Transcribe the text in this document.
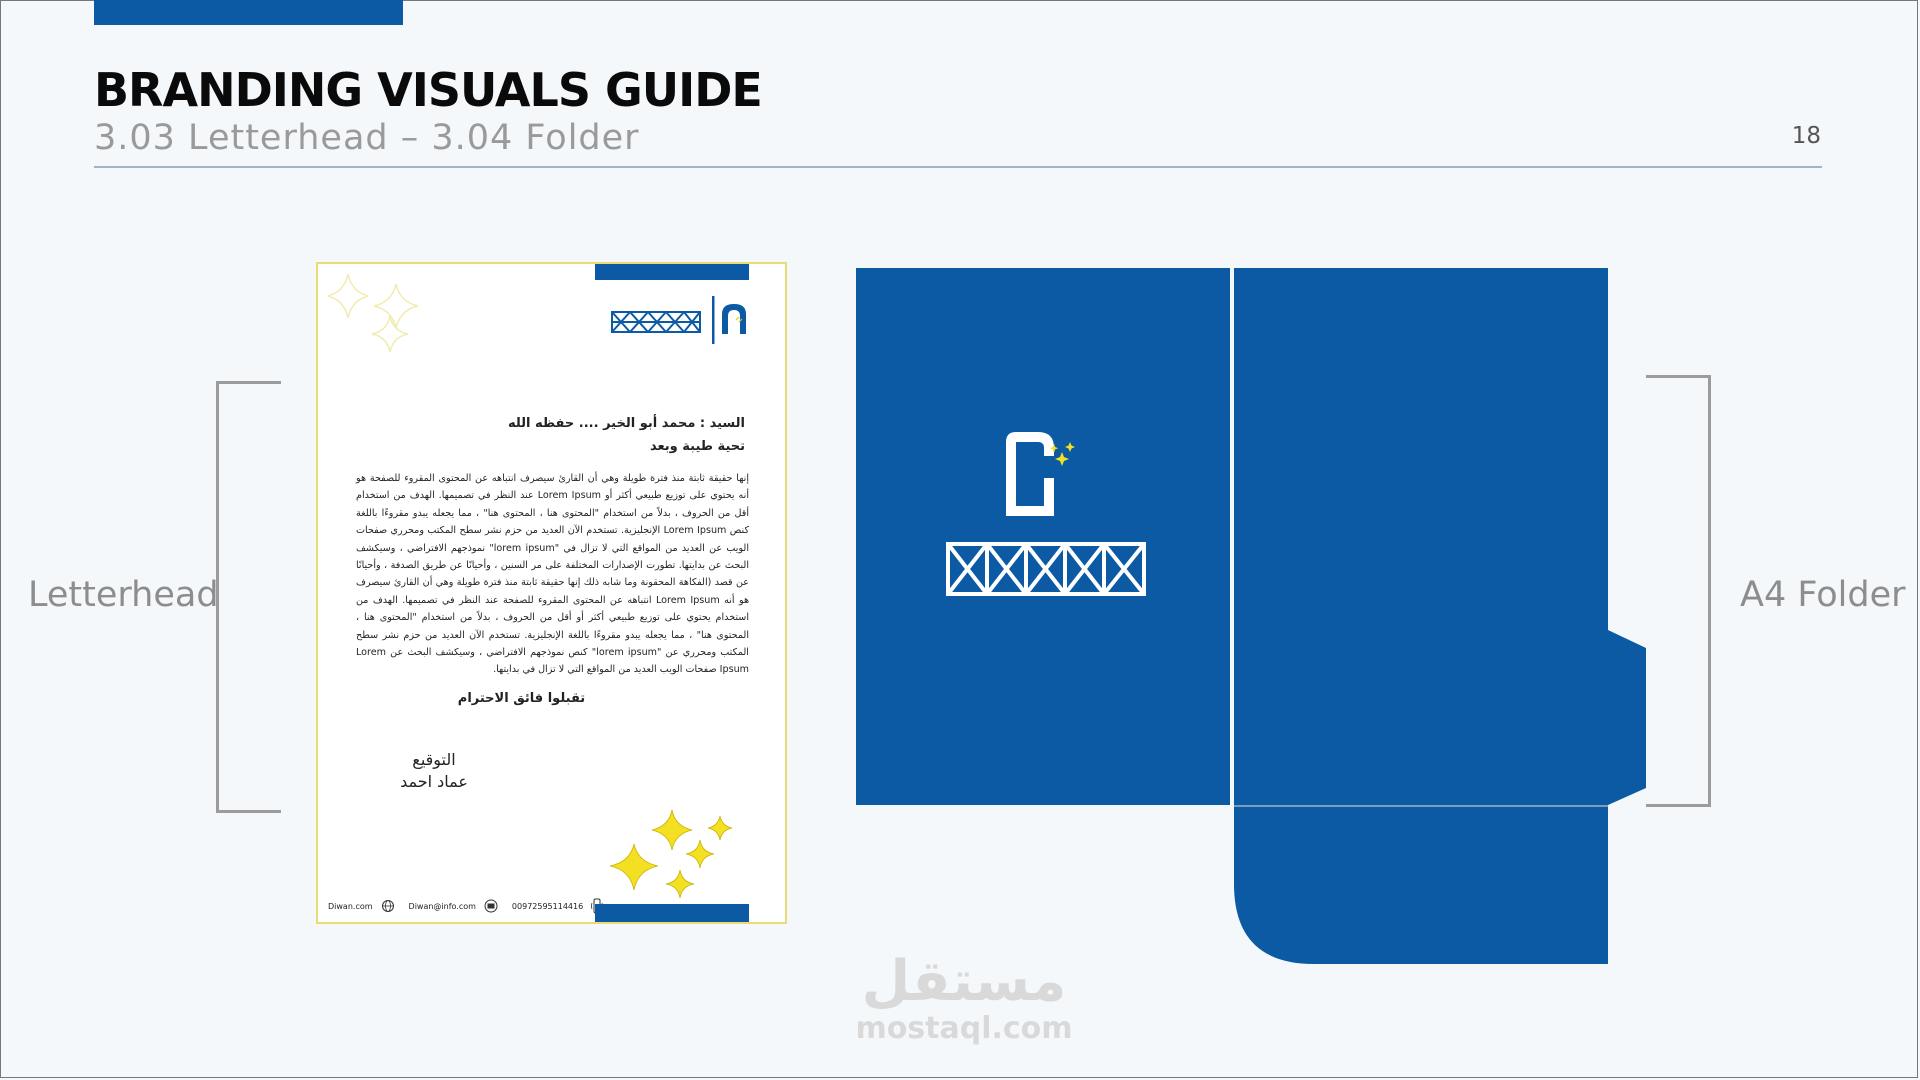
BRANDING VISUALS GUIDE
3.03 Letterhead – 3.04 Folder	18
Letterhead	A4 Folder
السيد : محمد أبو الخير .... حفظه الله
تحية طيبة وبعد
إنها حقيقة ثابتة منذ فترة طويلة وهي أن القارئ سيصرف انتباهه عن المحتوى المقروء للصفحة هو أنه يحتوي على توزيع طبيعي أكثر أو Lorem Ipsum عند النظر في تصميمها. الهدف من استخدام أقل من الحروف ، بدلاً من استخدام "المحتوى هنا ، المحتوى هنا" ، مما يجعله يبدو مقروءًا باللغة كنص Lorem Ipsum الإنجليزية. تستخدم الآن العديد من حزم نشر سطح المكتب ومحرري صفحات الويب عن العديد من المواقع التي لا تزال في "lorem ipsum" نموذجهم الافتراضي ، وسيكشف البحث عن بدايتها. تطورت الإصدارات المختلفة على مر السنين ، وأحيانًا عن طريق الصدفة ، وأحيانًا عن قصد (الفكاهة المحقونة وما شابه ذلك إنها حقيقة ثابتة منذ فترة طويلة وهي أن القارئ سيصرف هو أنه Lorem Ipsum انتباهه عن المحتوى المقروء للصفحة عند النظر في تصميمها. الهدف من استخدام يحتوي على توزيع طبيعي أكثر أو أقل من الحروف ، بدلاً من استخدام "المحتوى هنا ، المحتوى هنا" ، مما يجعله يبدو مقروءًا باللغة الإنجليزية. تستخدم الآن العديد من حزم نشر سطح المكتب ومحرري عن "lorem ipsum" كنص نموذجهم الافتراضي ، وسيكشف البحث عن Lorem Ipsum صفحات الويب العديد من المواقع التي لا تزال في بدايتها.
تقبلوا فائق الاحترام
التوقيع
عماد احمد
Diwan.com	Diwan@info.com	00972595114416
مستقل
mostaql.com
